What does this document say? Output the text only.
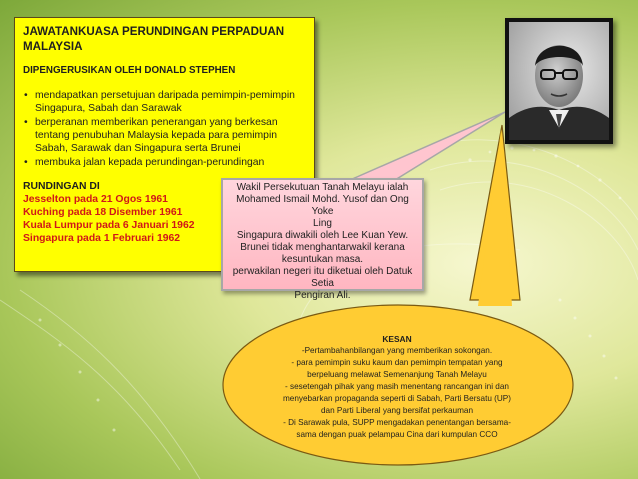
JAWATANKUASA PERUNDINGAN PERPADUAN MALAYSIA
DIPENGERUSIKAN OLEH DONALD STEPHEN
• mendapatkan persetujuan daripada pemimpin-pemimpin Singapura, Sabah dan Sarawak
• berperanan memberikan penerangan yang berkesan tentang penubuhan Malaysia kepada para pemimpin Sabah, Sarawak dan Singapura serta Brunei
• membuka jalan kepada perundingan-perundingan
RUNDINGAN DI
Jesselton pada 21 Ogos 1961
Kuching pada 18 Disember 1961
Kuala Lumpur pada 6 Januari 1962
Singapura pada 1 Februari 1962
Wakil Persekutuan Tanah Melayu ialah
Mohamed Ismail Mohd. Yusof dan Ong Yoke
Ling
Singapura diwakili oleh Lee Kuan Yew.
Brunei tidak menghantarwakil kerana
kesuntukan masa.
perwakilan negeri itu diketuai oleh Datuk Setia
Pengiran Ali.
KESAN
-Pertambahanbilangan yang memberikan sokongan.
- para pemimpin suku kaum dan pemimpin tempatan yang
berpeluang melawat Semenanjung Tanah Melayu
- sesetengah pihak yang masih menentang rancangan ini dan
menyebarkan propaganda seperti di Sabah, Parti Bersatu (UP)
dan Parti Liberal yang bersifat perkauman
- Di Sarawak pula, SUPP mengadakan penentangan bersama-
sama dengan puak pelampau Cina dari kumpulan CCO
